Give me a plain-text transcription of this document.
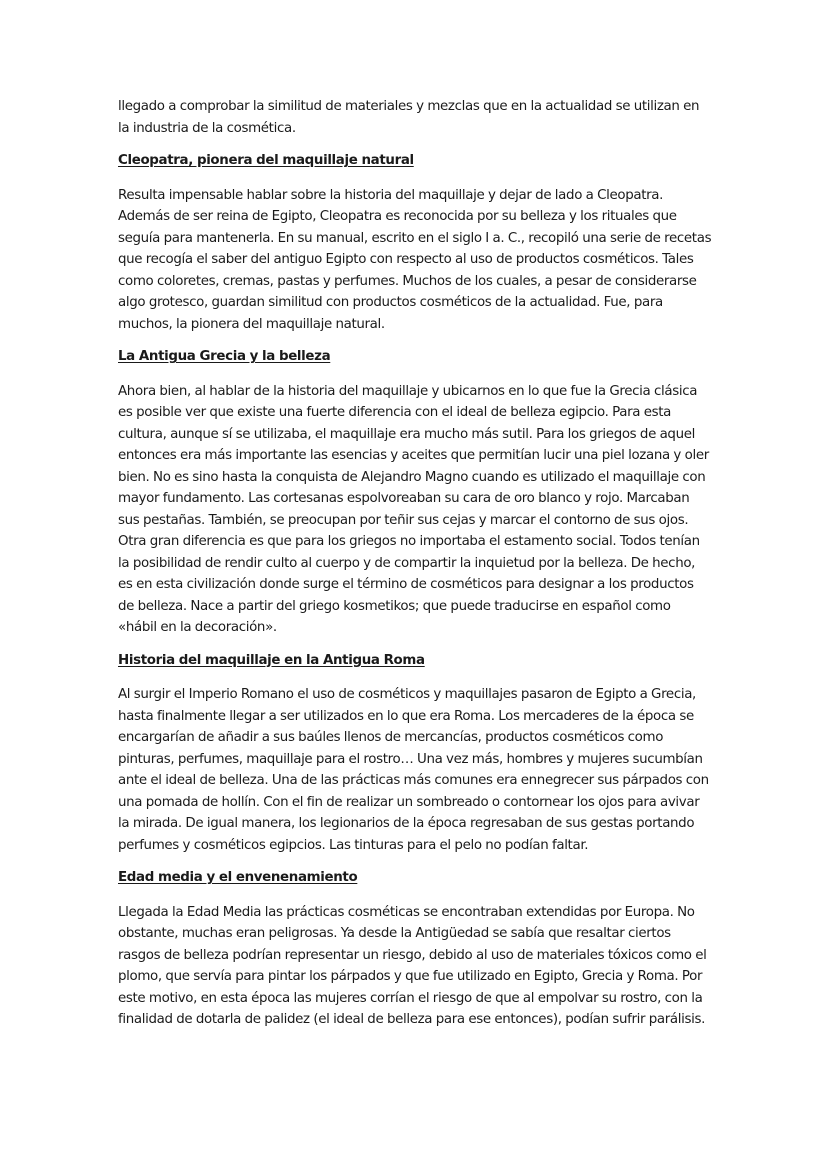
llegado a comprobar la similitud de materiales y mezclas que en la actualidad se utilizan en la industria de la cosmética.

Cleopatra, pionera del maquillaje natural

Resulta impensable hablar sobre la historia del maquillaje y dejar de lado a Cleopatra. Además de ser reina de Egipto, Cleopatra es reconocida por su belleza y los rituales que seguía para mantenerla. En su manual, escrito en el siglo I a. C., recopiló una serie de recetas que recogía el saber del antiguo Egipto con respecto al uso de productos cosméticos. Tales como coloretes, cremas, pastas y perfumes. Muchos de los cuales, a pesar de considerarse algo grotesco, guardan similitud con productos cosméticos de la actualidad. Fue, para muchos, la pionera del maquillaje natural.

La Antigua Grecia y la belleza

Ahora bien, al hablar de la historia del maquillaje y ubicarnos en lo que fue la Grecia clásica es posible ver que existe una fuerte diferencia con el ideal de belleza egipcio. Para esta cultura, aunque sí se utilizaba, el maquillaje era mucho más sutil. Para los griegos de aquel entonces era más importante las esencias y aceites que permitían lucir una piel lozana y oler bien. No es sino hasta la conquista de Alejandro Magno cuando es utilizado el maquillaje con mayor fundamento. Las cortesanas espolvoreaban su cara de oro blanco y rojo. Marcaban sus pestañas. También, se preocupan por teñir sus cejas y marcar el contorno de sus ojos. Otra gran diferencia es que para los griegos no importaba el estamento social. Todos tenían la posibilidad de rendir culto al cuerpo y de compartir la inquietud por la belleza. De hecho, es en esta civilización donde surge el término de cosméticos para designar a los productos de belleza. Nace a partir del griego kosmetikos; que puede traducirse en español como «hábil en la decoración».

Historia del maquillaje en la Antigua Roma

Al surgir el Imperio Romano el uso de cosméticos y maquillajes pasaron de Egipto a Grecia, hasta finalmente llegar a ser utilizados en lo que era Roma. Los mercaderes de la época se encargarían de añadir a sus baúles llenos de mercancías, productos cosméticos como pinturas, perfumes, maquillaje para el rostro… Una vez más, hombres y mujeres sucumbían ante el ideal de belleza. Una de las prácticas más comunes era ennegrecer sus párpados con una pomada de hollín. Con el fin de realizar un sombreado o contornear los ojos para avivar la mirada. De igual manera, los legionarios de la época regresaban de sus gestas portando perfumes y cosméticos egipcios. Las tinturas para el pelo no podían faltar.

Edad media y el envenenamiento

Llegada la Edad Media las prácticas cosméticas se encontraban extendidas por Europa. No obstante, muchas eran peligrosas. Ya desde la Antigüedad se sabía que resaltar ciertos rasgos de belleza podrían representar un riesgo, debido al uso de materiales tóxicos como el plomo, que servía para pintar los párpados y que fue utilizado en Egipto, Grecia y Roma. Por este motivo, en esta época las mujeres corrían el riesgo de que al empolvar su rostro, con la finalidad de dotarla de palidez (el ideal de belleza para ese entonces), podían sufrir parálisis.
